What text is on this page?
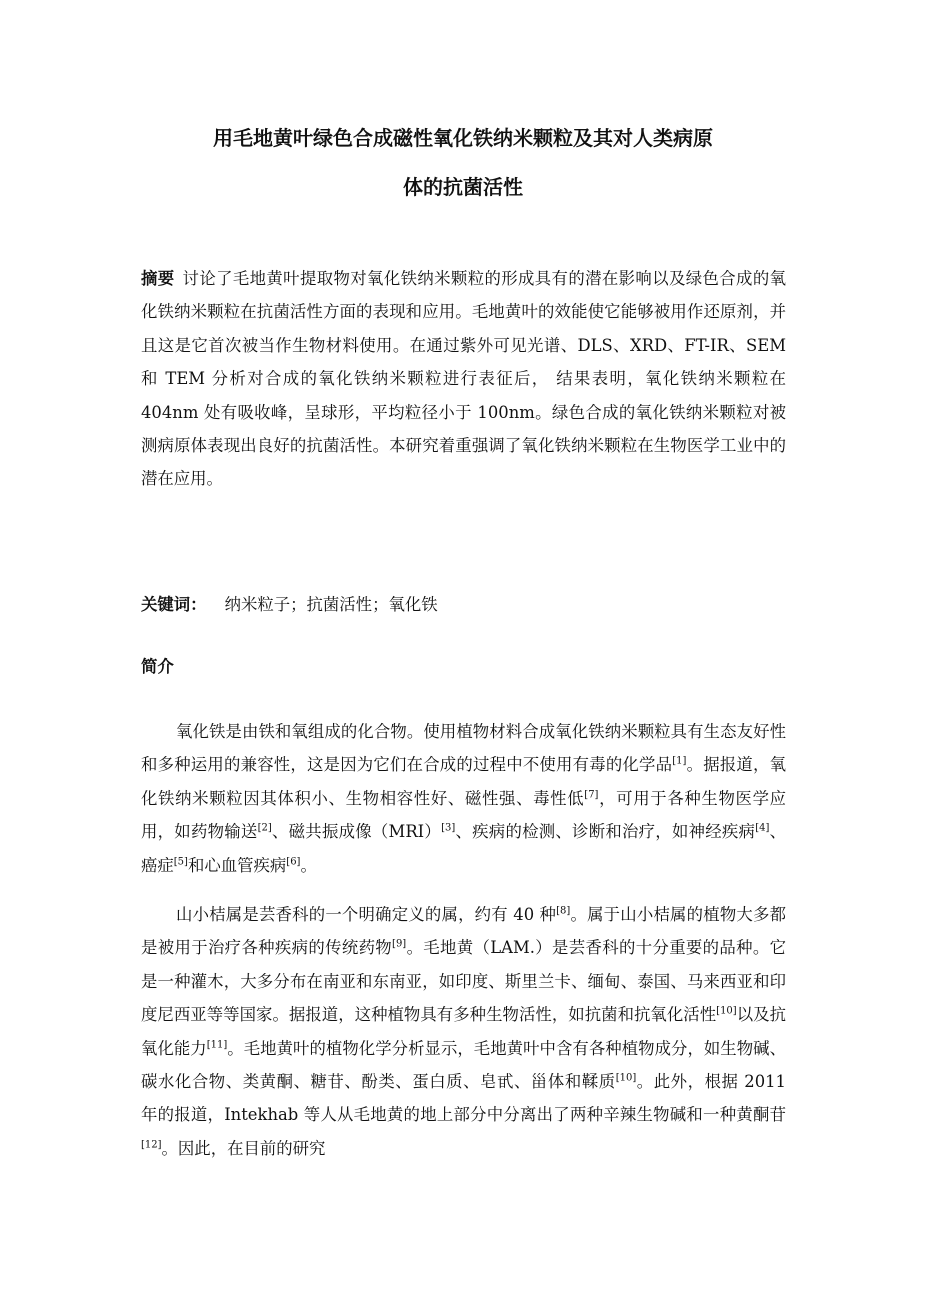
用毛地黄叶绿色合成磁性氧化铁纳米颗粒及其对人类病原
体的抗菌活性

摘要 讨论了毛地黄叶提取物对氧化铁纳米颗粒的形成具有的潜在影响以及绿色合成的氧化铁纳米颗粒在抗菌活性方面的表现和应用。毛地黄叶的效能使它能够被用作还原剂，并且这是它首次被当作生物材料使用。在通过紫外可见光谱、DLS、XRD、FT-IR、SEM 和 TEM 分析对合成的氧化铁纳米颗粒进行表征后， 结果表明，氧化铁纳米颗粒在 404nm 处有吸收峰，呈球形，平均粒径小于 100nm。绿色合成的氧化铁纳米颗粒对被测病原体表现出良好的抗菌活性。本研究着重强调了氧化铁纳米颗粒在生物医学工业中的潜在应用。

关键词： 纳米粒子；抗菌活性；氧化铁

简介

氧化铁是由铁和氧组成的化合物。使用植物材料合成氧化铁纳米颗粒具有生态友好性和多种运用的兼容性，这是因为它们在合成的过程中不使用有毒的化学品[1]。据报道，氧化铁纳米颗粒因其体积小、生物相容性好、磁性强、毒性低[7]，可用于各种生物医学应用，如药物输送[2]、磁共振成像（MRI）[3]、疾病的检测、诊断和治疗，如神经疾病[4]、癌症[5]和心血管疾病[6]。

山小桔属是芸香科的一个明确定义的属，约有 40 种[8]。属于山小桔属的植物大多都是被用于治疗各种疾病的传统药物[9]。毛地黄（LAM.）是芸香科的十分重要的品种。它是一种灌木，大多分布在南亚和东南亚，如印度、斯里兰卡、缅甸、泰国、马来西亚和印度尼西亚等等国家。据报道，这种植物具有多种生物活性，如抗菌和抗氧化活性[10]以及抗氧化能力[11]。毛地黄叶的植物化学分析显示，毛地黄叶中含有各种植物成分，如生物碱、碳水化合物、类黄酮、糖苷、酚类、蛋白质、皂甙、甾体和鞣质[10]。此外，根据 2011 年的报道，Intekhab 等人从毛地黄的地上部分中分离出了两种辛辣生物碱和一种黄酮苷[12]。因此，在目前的研究
